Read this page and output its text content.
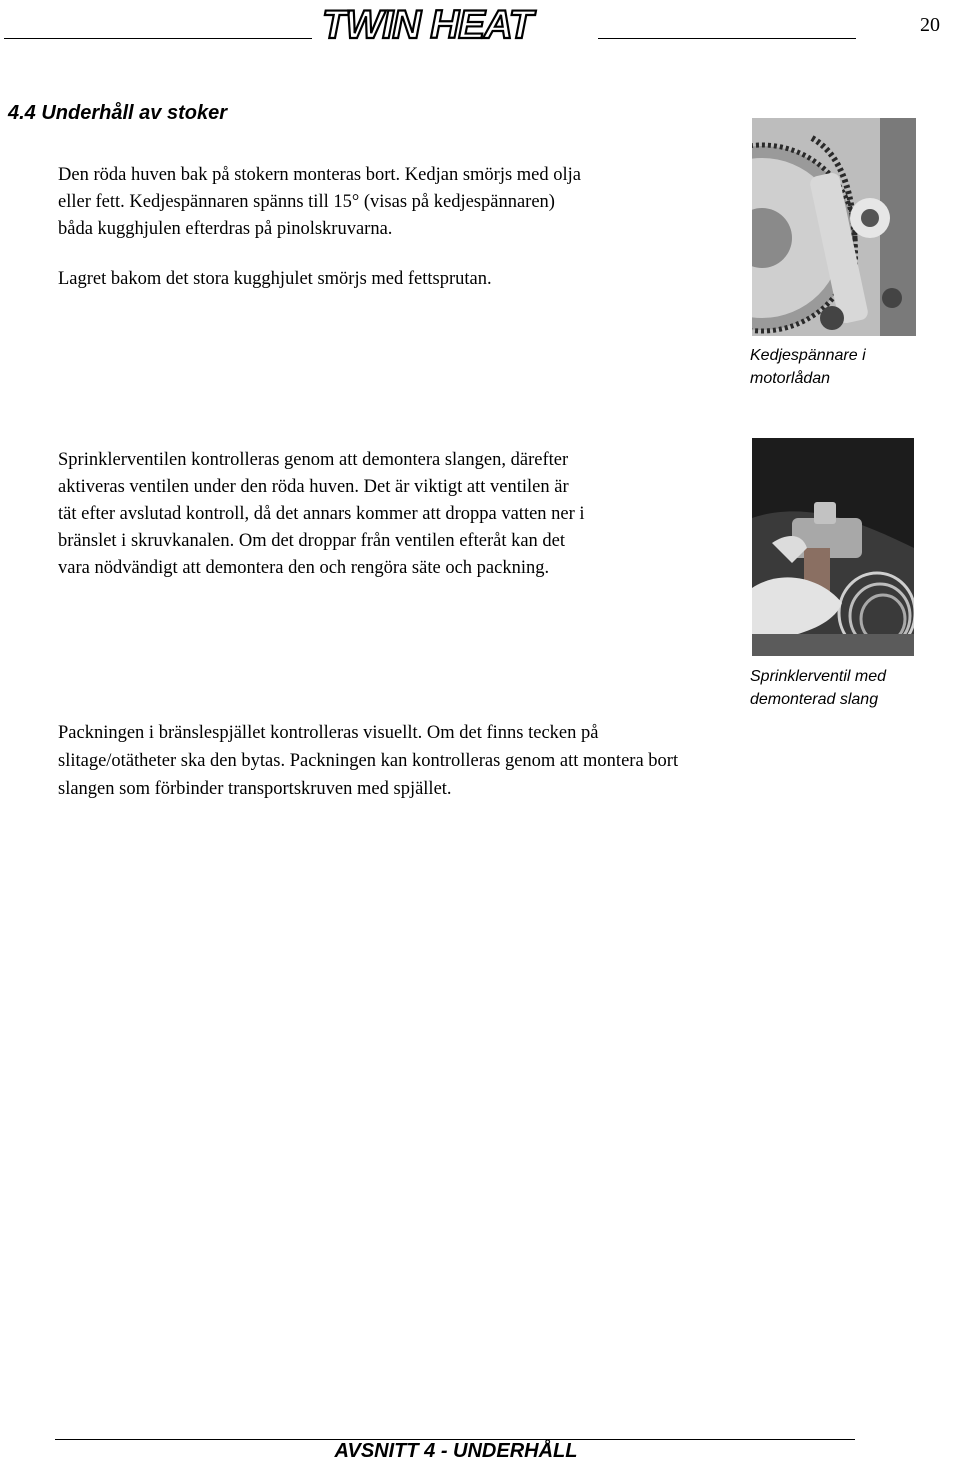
TWIN HEAT	20
4.4 Underhåll av stoker
Den röda huven bak på stokern monteras bort. Kedjan smörjs med olja
eller fett. Kedjespännaren spänns till 15° (visas på kedjespännaren)
båda kugghjulen efterdras på pinolskruvarna.
Lagret bakom det stora kugghjulet smörjs med fettsprutan.
Kedjespännare i
motorlådan
Sprinklerventilen kontrolleras genom att demontera slangen, därefter
aktiveras ventilen under den röda huven. Det är viktigt att ventilen är
tät efter avslutad kontroll, då det annars kommer att droppa vatten ner i
bränslet i skruvkanalen. Om det droppar från ventilen efteråt kan det
vara nödvändigt att demontera den och rengöra säte och packning.
Sprinklerventil med
demonterad slang
Packningen i bränslespjället kontrolleras visuellt. Om det finns tecken på
slitage/otätheter ska den bytas. Packningen kan kontrolleras genom att montera bort
slangen som förbinder transportskruven med spjället.
AVSNITT 4 - UNDERHÅLL
